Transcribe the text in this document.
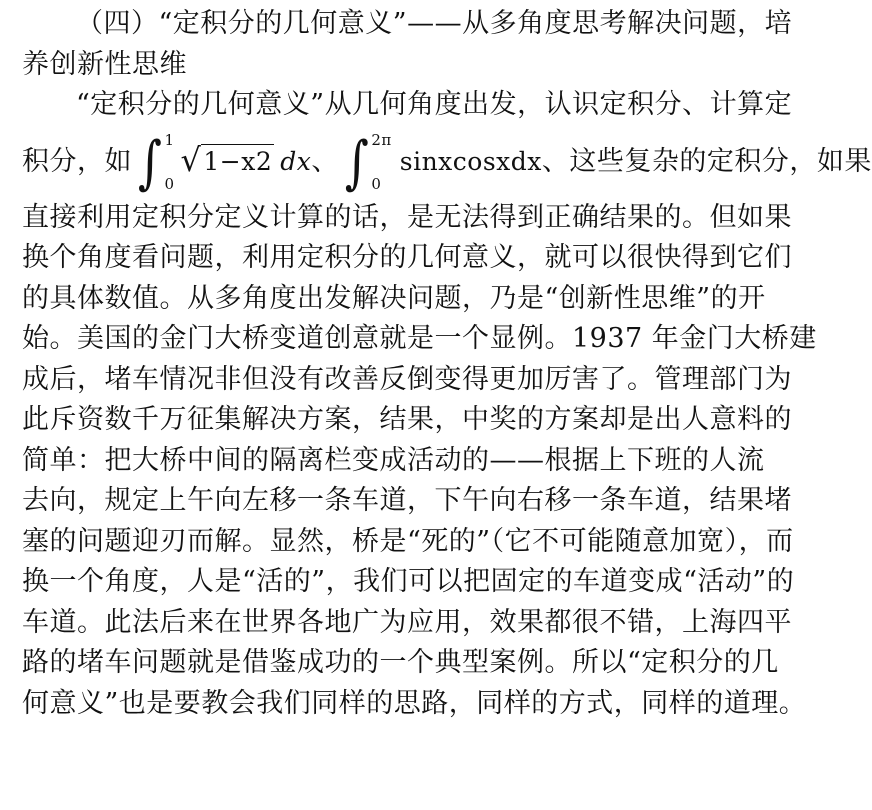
（四）“定积分的几何意义”——从多角度思考解决问题，培
养创新性思维
“定积分的几何意义”从几何角度出发，认识定积分、计算定
积分，如 ∫ 1
0
√ 1−x2 dx 、 ∫ 2π
0
sinxcosxdx 、这些复杂的定积分，如果
直接利用定积分定义计算的话，是无法得到正确结果的。但如果
换个角度看问题，利用定积分的几何意义，就可以很快得到它们
的具体数值。从多角度出发解决问题，乃是“创新性思维”的开
始。美国的金门大桥变道创意就是一个显例。1937 年金门大桥建
成后，堵车情况非但没有改善反倒变得更加厉害了。管理部门为
此斥资数千万征集解决方案，结果，中奖的方案却是出人意料的
简单：把大桥中间的隔离栏变成活动的——根据上下班的人流
去向，规定上午向左移一条车道，下午向右移一条车道，结果堵
塞的问题迎刃而解。显然，桥是“死的”（它不可能随意加宽），而
换一个角度，人是“活的”，我们可以把固定的车道变成“活动”的
车道。此法后来在世界各地广为应用，效果都很不错，上海四平
路的堵车问题就是借鉴成功的一个典型案例。所以“定积分的几
何意义”也是要教会我们同样的思路，同样的方式，同样的道理。
